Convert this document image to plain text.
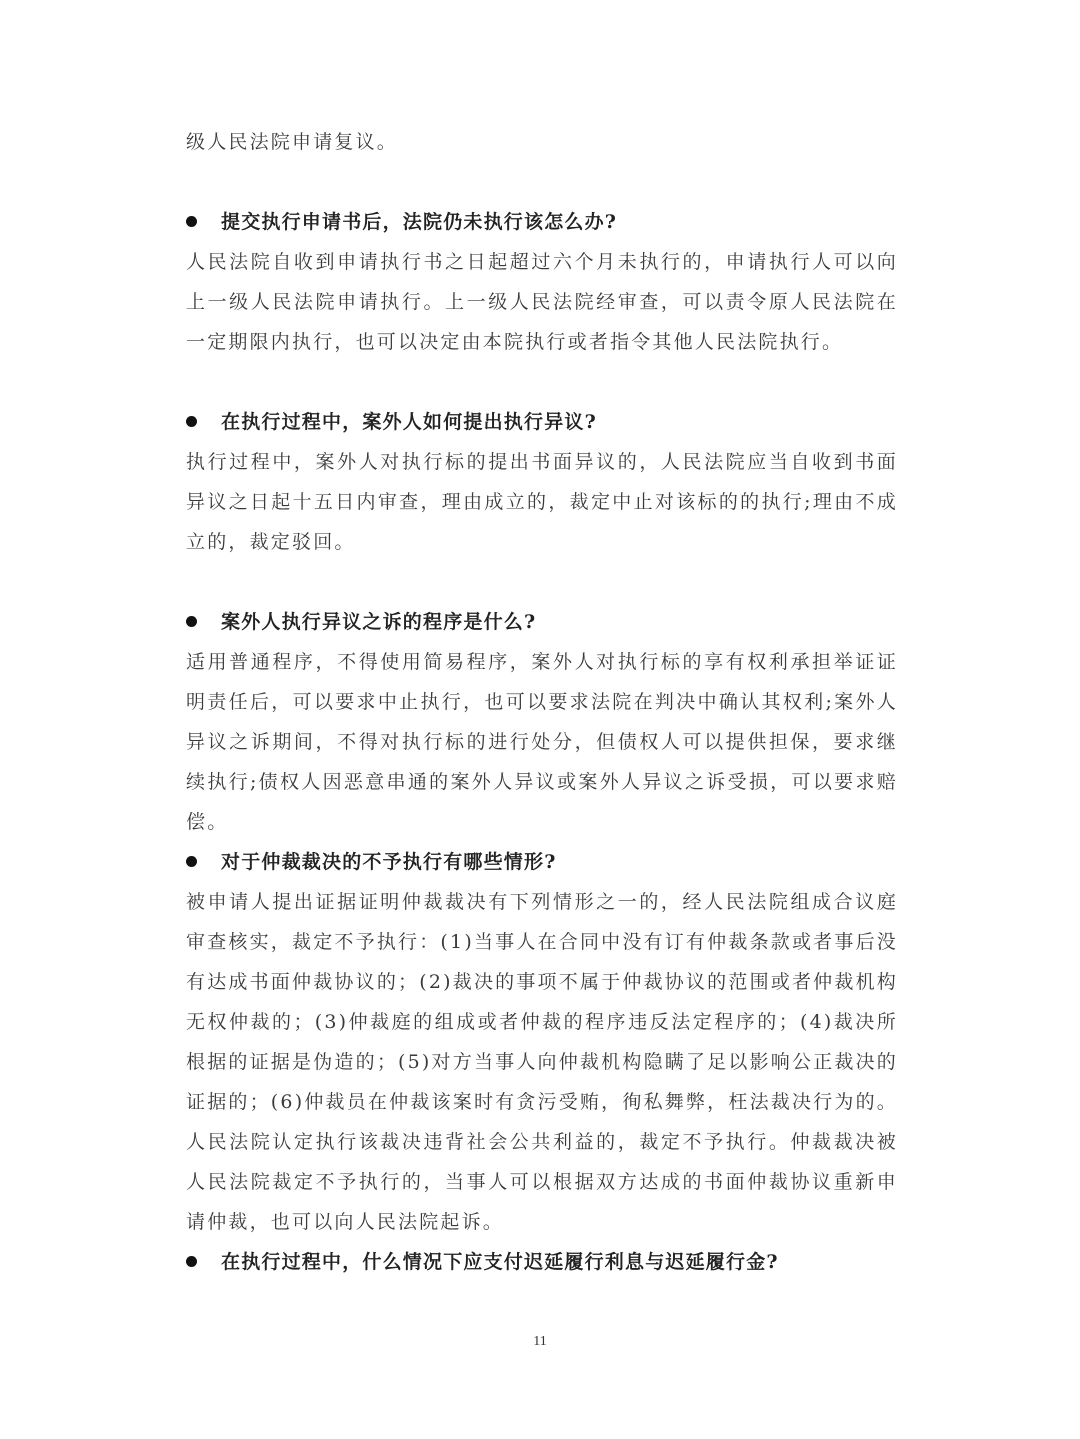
级人民法院申请复议。
提交执行申请书后，法院仍未执行该怎么办?
人民法院自收到申请执行书之日起超过六个月未执行的，申请执行人可以向上一级人民法院申请执行。上一级人民法院经审查，可以责令原人民法院在一定期限内执行，也可以决定由本院执行或者指令其他人民法院执行。
在执行过程中，案外人如何提出执行异议?
执行过程中，案外人对执行标的提出书面异议的，人民法院应当自收到书面异议之日起十五日内审查，理由成立的，裁定中止对该标的的执行;理由不成立的，裁定驳回。
案外人执行异议之诉的程序是什么?
适用普通程序，不得使用简易程序，案外人对执行标的享有权利承担举证证明责任后，可以要求中止执行，也可以要求法院在判决中确认其权利;案外人异议之诉期间，不得对执行标的进行处分，但债权人可以提供担保，要求继续执行;债权人因恶意串通的案外人异议或案外人异议之诉受损，可以要求赔偿。
对于仲裁裁决的不予执行有哪些情形?
被申请人提出证据证明仲裁裁决有下列情形之一的，经人民法院组成合议庭审查核实，裁定不予执行：(1)当事人在合同中没有订有仲裁条款或者事后没有达成书面仲裁协议的；(2)裁决的事项不属于仲裁协议的范围或者仲裁机构无权仲裁的；(3)仲裁庭的组成或者仲裁的程序违反法定程序的；(4)裁决所根据的证据是伪造的；(5)对方当事人向仲裁机构隐瞒了足以影响公正裁决的证据的；(6)仲裁员在仲裁该案时有贪污受贿，徇私舞弊，枉法裁决行为的。人民法院认定执行该裁决违背社会公共利益的，裁定不予执行。仲裁裁决被人民法院裁定不予执行的，当事人可以根据双方达成的书面仲裁协议重新申请仲裁，也可以向人民法院起诉。
在执行过程中，什么情况下应支付迟延履行利息与迟延履行金?
11
